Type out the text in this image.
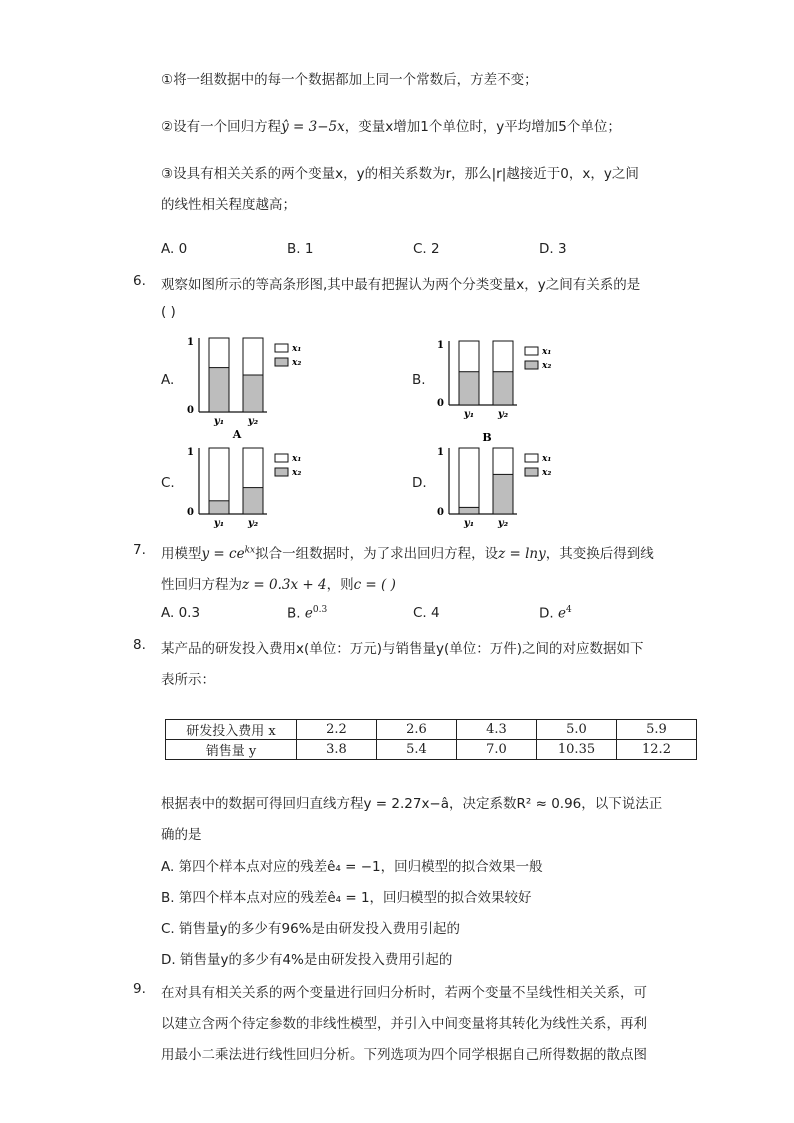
①将一组数据中的每一个数据都加上同一个常数后，方差不变；
②设有一个回归方程ŷ = 3−5x，变量x增加1个单位时，y平均增加5个单位；
③设具有相关关系的两个变量x，y的相关系数为r，那么|r|越接近于0，x，y之间
的线性相关程度越高；
A. 0	B. 1	C. 2	D. 3
6. 观察如图所示的等高条形图,其中最有把握认为两个分类变量x，y之间有关系的是
( )
A.	B.
C.	D.
1
0
y₁ y₂
x₁
x₂
A
1
0
y₁ y₂
x₁
x₂
1
0
y₁ y₂
x₁
x₂
1
0
y₁ y₂
x₁
x₂
B
7. 用模型$y = ce^{kx}$拟合一组数据时，为了求出回归方程，设z = lny，其变换后得到线
性回归方程为z = 0.3x + 4，则c = ( )
A. 0.3	B. $e^{0.3}$	C. 4	D. $e^4$
8. 某产品的研发投入费用x(单位：万元)与销售量y(单位：万件)之间的对应数据如下
表所示：
研发投入费用 x	2.2	2.6	4.3	5.0	5.9
销售量 y	3.8	5.4	7.0	10.35	12.2
根据表中的数据可得回归直线方程y = 2.27x−â，决定系数R² ≈ 0.96，以下说法正
确的是
A. 第四个样本点对应的残差ê₄ = −1，回归模型的拟合效果一般
B. 第四个样本点对应的残差ê₄ = 1，回归模型的拟合效果较好
C. 销售量y的多少有96%是由研发投入费用引起的
D. 销售量y的多少有4%是由研发投入费用引起的
9. 在对具有相关关系的两个变量进行回归分析时，若两个变量不呈线性相关关系，可
以建立含两个待定参数的非线性模型，并引入中间变量将其转化为线性关系，再利
用最小二乘法进行线性回归分析。下列选项为四个同学根据自己所得数据的散点图
